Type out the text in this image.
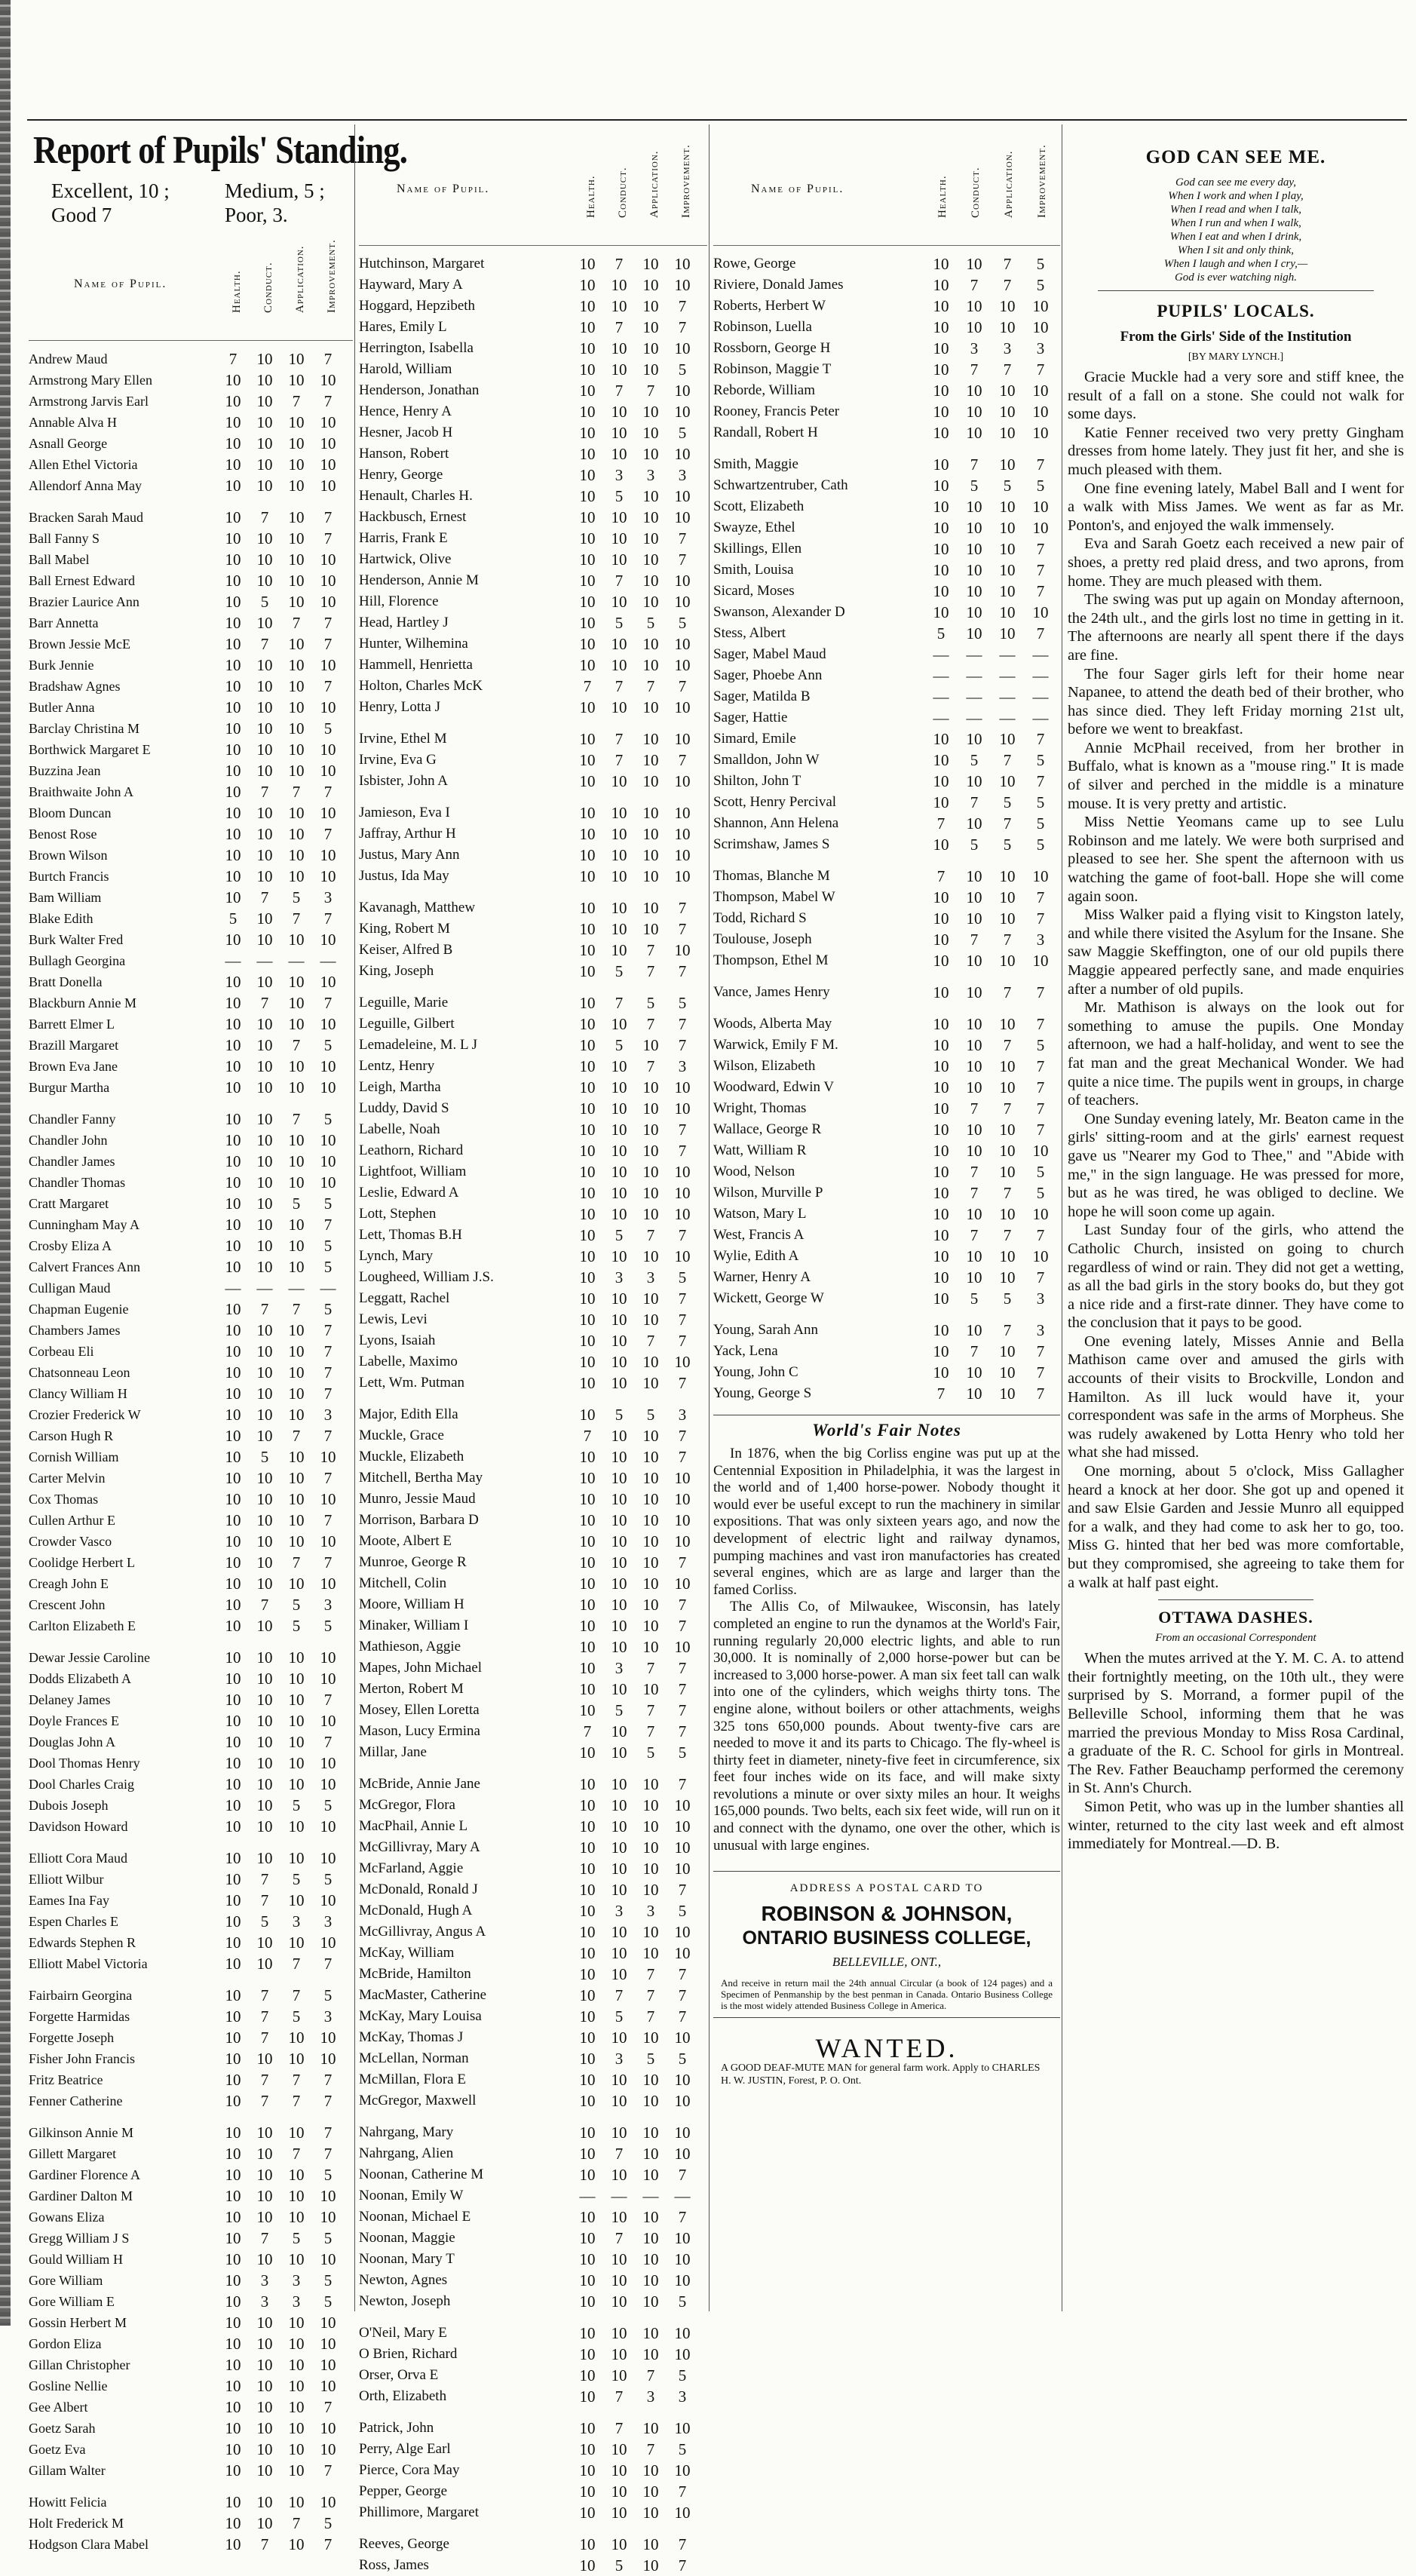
Report of Pupils' Standing.
Excellent, 10 ;	Medium, 5 ;
Good 7	Poor, 3.
Name of Pupil.	Health.	Conduct.	Application.	Improvement.
Andrew Maud	7	10	10	7
Armstrong Mary Ellen	10	10	10	10
Armstrong Jarvis Earl	10	10	7	7
Annable Alva H	10	10	10	10
Asnall George	10	10	10	10
Allen Ethel Victoria	10	10	10	10
Allendorf Anna May	10	10	10	10
Bracken Sarah Maud	10	7	10	7
Ball Fanny S	10	10	10	7
Ball Mabel	10	10	10	10
Ball Ernest Edward	10	10	10	10
Brazier Laurice Ann	10	5	10	10
Barr Annetta	10	10	7	7
Brown Jessie McE	10	7	10	7
Burk Jennie	10	10	10	10
Bradshaw Agnes	10	10	10	7
Butler Anna	10	10	10	10
Barclay Christina M	10	10	10	5
Borthwick Margaret E	10	10	10	10
Buzzina Jean	10	10	10	10
Braithwaite John A	10	7	7	7
Bloom Duncan	10	10	10	10
Benost Rose	10	10	10	7
Brown Wilson	10	10	10	10
Burtch Francis	10	10	10	10
Bam William	10	7	5	3
Blake Edith	5	10	7	7
Burk Walter Fred	10	10	10	10
Bullagh Georgina	—	—	—	—
Bratt Donella	10	10	10	10
Blackburn Annie M	10	7	10	7
Barrett Elmer L	10	10	10	10
Brazill Margaret	10	10	7	5
Brown Eva Jane	10	10	10	10
Burgur Martha	10	10	10	10
Chandler Fanny	10	10	7	5
Chandler John	10	10	10	10
Chandler James	10	10	10	10
Chandler Thomas	10	10	10	10
Cratt Margaret	10	10	5	5
Cunningham May A	10	10	10	7
Crosby Eliza A	10	10	10	5
Calvert Frances Ann	10	10	10	5
Culligan Maud	—	—	—	—
Chapman Eugenie	10	7	7	5
Chambers James	10	10	10	7
Corbeau Eli	10	10	10	7
Chatsonneau Leon	10	10	10	7
Clancy William H	10	10	10	7
Crozier Frederick W	10	10	10	3
Carson Hugh R	10	10	7	7
Cornish William	10	5	10	10
Carter Melvin	10	10	10	7
Cox Thomas	10	10	10	10
Cullen Arthur E	10	10	10	7
Crowder Vasco	10	10	10	10
Coolidge Herbert L	10	10	7	7
Creagh John E	10	10	10	10
Crescent John	10	7	5	3
Carlton Elizabeth E	10	10	5	5
Dewar Jessie Caroline	10	10	10	10
Dodds Elizabeth A	10	10	10	10
Delaney James	10	10	10	7
Doyle Frances E	10	10	10	10
Douglas John A	10	10	10	7
Dool Thomas Henry	10	10	10	10
Dool Charles Craig	10	10	10	10
Dubois Joseph	10	10	5	5
Davidson Howard	10	10	10	10
Elliott Cora Maud	10	10	10	10
Elliott Wilbur	10	7	5	5
Eames Ina Fay	10	7	10	10
Espen Charles E	10	5	3	3
Edwards Stephen R	10	10	10	10
Elliott Mabel Victoria	10	10	7	7
Fairbairn Georgina	10	7	7	5
Forgette Harmidas	10	7	5	3
Forgette Joseph	10	7	10	10
Fisher John Francis	10	10	10	10
Fritz Beatrice	10	7	7	7
Fenner Catherine	10	7	7	7
Gilkinson Annie M	10	10	10	7
Gillett Margaret	10	10	7	7
Gardiner Florence A	10	10	10	5
Gardiner Dalton M	10	10	10	10
Gowans Eliza	10	10	10	10
Gregg William J S	10	7	5	5
Gould William H	10	10	10	10
Gore William	10	3	3	5
Gore William E	10	3	3	5
Gossin Herbert M	10	10	10	10
Gordon Eliza	10	10	10	10
Gillan Christopher	10	10	10	10
Gosline Nellie	10	10	10	10
Gee Albert	10	10	10	7
Goetz Sarah	10	10	10	10
Goetz Eva	10	10	10	10
Gillam Walter	10	10	10	7
Howitt Felicia	10	10	10	10
Holt Frederick M	10	10	7	5
Hodgson Clara Mabel	10	7	10	7
Name of Pupil.	Health.	Conduct.	Application.	Improvement.
Hutchinson, Margaret	10	7	10	10
Hayward, Mary A	10	10	10	10
Hoggard, Hepzibeth	10	10	10	7
Hares, Emily L	10	7	10	7
Herrington, Isabella	10	10	10	10
Harold, William	10	10	10	5
Henderson, Jonathan	10	7	7	10
Hence, Henry A	10	10	10	10
Hesner, Jacob H	10	10	10	5
Hanson, Robert	10	10	10	10
Henry, George	10	3	3	3
Henault, Charles H.	10	5	10	10
Hackbusch, Ernest	10	10	10	10
Harris, Frank E	10	10	10	7
Hartwick, Olive	10	10	10	7
Henderson, Annie M	10	7	10	10
Hill, Florence	10	10	10	10
Head, Hartley J	10	5	5	5
Hunter, Wilhemina	10	10	10	10
Hammell, Henrietta	10	10	10	10
Holton, Charles McK	7	7	7	7
Henry, Lotta J	10	10	10	10
Irvine, Ethel M	10	7	10	10
Irvine, Eva G	10	7	10	7
Isbister, John A	10	10	10	10
Jamieson, Eva I	10	10	10	10
Jaffray, Arthur H	10	10	10	10
Justus, Mary Ann	10	10	10	10
Justus, Ida May	10	10	10	10
Kavanagh, Matthew	10	10	10	7
King, Robert M	10	10	10	7
Keiser, Alfred B	10	10	7	10
King, Joseph	10	5	7	7
Leguille, Marie	10	7	5	5
Leguille, Gilbert	10	10	7	7
Lemadeleine, M. L J	10	5	10	7
Lentz, Henry	10	10	7	3
Leigh, Martha	10	10	10	10
Luddy, David S	10	10	10	10
Labelle, Noah	10	10	10	7
Leathorn, Richard	10	10	10	7
Lightfoot, William	10	10	10	10
Leslie, Edward A	10	10	10	10
Lott, Stephen	10	10	10	10
Lett, Thomas B.H	10	5	7	7
Lynch, Mary	10	10	10	10
Lougheed, William J.S.	10	3	3	5
Leggatt, Rachel	10	10	10	7
Lewis, Levi	10	10	10	7
Lyons, Isaiah	10	10	7	7
Labelle, Maximo	10	10	10	10
Lett, Wm. Putman	10	10	10	7
Major, Edith Ella	10	5	5	3
Muckle, Grace	7	10	10	7
Muckle, Elizabeth	10	10	10	7
Mitchell, Bertha May	10	10	10	10
Munro, Jessie Maud	10	10	10	10
Morrison, Barbara D	10	10	10	10
Moote, Albert E	10	10	10	10
Munroe, George R	10	10	10	7
Mitchell, Colin	10	10	10	10
Moore, William H	10	10	10	7
Minaker, William I	10	10	10	7
Mathieson, Aggie	10	10	10	10
Mapes, John Michael	10	3	7	7
Merton, Robert M	10	10	10	7
Mosey, Ellen Loretta	10	5	7	7
Mason, Lucy Ermina	7	10	7	7
Millar, Jane	10	10	5	5
McBride, Annie Jane	10	10	10	7
McGregor, Flora	10	10	10	10
MacPhail, Annie L	10	10	10	10
McGillivray, Mary A	10	10	10	10
McFarland, Aggie	10	10	10	10
McDonald, Ronald J	10	10	10	7
McDonald, Hugh A	10	3	3	5
McGillivray, Angus A	10	10	10	10
McKay, William	10	10	10	10
McBride, Hamilton	10	10	7	7
MacMaster, Catherine	10	7	7	7
McKay, Mary Louisa	10	5	7	7
McKay, Thomas J	10	10	10	10
McLellan, Norman	10	3	5	5
McMillan, Flora E	10	10	10	10
McGregor, Maxwell	10	10	10	10
Nahrgang, Mary	10	10	10	10
Nahrgang, Alien	10	7	10	10
Noonan, Catherine M	10	10	10	7
Noonan, Emily W	—	—	—	—
Noonan, Michael E	10	10	10	7
Noonan, Maggie	10	7	10	10
Noonan, Mary T	10	10	10	10
Newton, Agnes	10	10	10	10
Newton, Joseph	10	10	10	5
O'Neil, Mary E	10	10	10	10
O Brien, Richard	10	10	10	10
Orser, Orva E	10	10	7	5
Orth, Elizabeth	10	7	3	3
Patrick, John	10	7	10	10
Perry, Alge Earl	10	10	7	5
Pierce, Cora May	10	10	10	10
Pepper, George	10	10	10	7
Phillimore, Margaret	10	10	10	10
Reeves, George	10	10	10	7
Ross, James	10	5	10	7
Name of Pupil.	Health.	Conduct.	Application.	Improvement.
Rowe, George	10	10	7	5
Riviere, Donald James	10	7	7	5
Roberts, Herbert W	10	10	10	10
Robinson, Luella	10	10	10	10
Rossborn, George H	10	3	3	3
Robinson, Maggie T	10	7	7	7
Reborde, William	10	10	10	10
Rooney, Francis Peter	10	10	10	10
Randall, Robert H	10	10	10	10
Smith, Maggie	10	7	10	7
Schwartzentruber, Cath	10	5	5	5
Scott, Elizabeth	10	10	10	10
Swayze, Ethel	10	10	10	10
Skillings, Ellen	10	10	10	7
Smith, Louisa	10	10	10	7
Sicard, Moses	10	10	10	7
Swanson, Alexander D	10	10	10	10
Stess, Albert	5	10	10	7
Sager, Mabel Maud	—	—	—	—
Sager, Phoebe Ann	—	—	—	—
Sager, Matilda B	—	—	—	—
Sager, Hattie	—	—	—	—
Simard, Emile	10	10	10	7
Smalldon, John W	10	5	7	5
Shilton, John T	10	10	10	7
Scott, Henry Percival	10	7	5	5
Shannon, Ann Helena	7	10	7	5
Scrimshaw, James S	10	5	5	5
Thomas, Blanche M	7	10	10	10
Thompson, Mabel W	10	10	10	7
Todd, Richard S	10	10	10	7
Toulouse, Joseph	10	7	7	3
Thompson, Ethel M	10	10	10	10
Vance, James Henry	10	10	7	7
Woods, Alberta May	10	10	10	7
Warwick, Emily F M.	10	10	7	5
Wilson, Elizabeth	10	10	10	7
Woodward, Edwin V	10	10	10	7
Wright, Thomas	10	7	7	7
Wallace, George R	10	10	10	7
Watt, William R	10	10	10	10
Wood, Nelson	10	7	10	5
Wilson, Murville P	10	7	7	5
Watson, Mary L	10	10	10	10
West, Francis A	10	7	7	7
Wylie, Edith A	10	10	10	10
Warner, Henry A	10	10	10	7
Wickett, George W	10	5	5	3
Young, Sarah Ann	10	10	7	3
Yack, Lena	10	7	10	7
Young, John C	10	10	10	7
Young, George S	7	10	10	7
World's Fair Notes

In 1876, when the big Corliss engine was put up at the Centennial Exposition in Philadelphia, it was the largest in the world and of 1,400 horse-power. Nobody thought it would ever be useful except to run the machinery in similar expositions. That was only sixteen years ago, and now the development of electric light and railway dynamos, pumping machines and vast iron manufactories has created several engines, which are as large and larger than the famed Corliss.

The Allis Co, of Milwaukee, Wisconsin, has lately completed an engine to run the dynamos at the World's Fair, running regularly 20,000 electric lights, and able to run 30,000. It is nominally of 2,000 horse-power but can be increased to 3,000 horse-power. A man six feet tall can walk into one of the cylinders, which weighs thirty tons. The engine alone, without boilers or other attachments, weighs 325 tons 650,000 pounds. About twenty-five cars are needed to move it and its parts to Chicago. The fly-wheel is thirty feet in diameter, ninety-five feet in circumference, six feet four inches wide on its face, and will make sixty revolutions a minute or over sixty miles an hour. It weighs 165,000 pounds. Two belts, each six feet wide, will run on it and connect with the dynamo, one over the other, which is unusual with large engines.

ADDRESS A POSTAL CARD TO
ROBINSON & JOHNSON,
ONTARIO BUSINESS COLLEGE,
BELLEVILLE, ONT.,
And receive in return mail the 24th annual Circular (a book of 124 pages) and a Specimen of Penmanship by the best penman in Canada. Ontario Business College is the most widely attended Business College in America.
WANTED.
A GOOD DEAF-MUTE MAN for general farm work. Apply to CHARLES H. W. JUSTIN, Forest, P. O. Ont.
GOD CAN SEE ME.
God can see me every day,
When I work and when I play,
When I read and when I talk,
When I run and when I walk,
When I eat and when I drink,
When I sit and only think,
When I laugh and when I cry,—
God is ever watching nigh.
PUPILS' LOCALS.
From the Girls' Side of the Institution
[BY MARY LYNCH.]

Gracie Muckle had a very sore and stiff knee, the result of a fall on a stone. She could not walk for some days.

Katie Fenner received two very pretty Gingham dresses from home lately. They just fit her, and she is much pleased with them.

One fine evening lately, Mabel Ball and I went for a walk with Miss James. We went as far as Mr. Ponton's, and enjoyed the walk immensely.

Eva and Sarah Goetz each received a new pair of shoes, a pretty red plaid dress, and two aprons, from home. They are much pleased with them.

The swing was put up again on Monday afternoon, the 24th ult., and the girls lost no time in getting in it. The afternoons are nearly all spent there if the days are fine.

The four Sager girls left for their home near Napanee, to attend the death bed of their brother, who has since died. They left Friday morning 21st ult, before we went to breakfast.

Annie McPhail received, from her brother in Buffalo, what is known as a "mouse ring." It is made of silver and perched in the middle is a minature mouse. It is very pretty and artistic.

Miss Nettie Yeomans came up to see Lulu Robinson and me lately. We were both surprised and pleased to see her. She spent the afternoon with us watching the game of foot-ball. Hope she will come again soon.

Miss Walker paid a flying visit to Kingston lately, and while there visited the Asylum for the Insane. She saw Maggie Skeffington, one of our old pupils there Maggie appeared perfectly sane, and made enquiries after a number of old pupils.

Mr. Mathison is always on the look out for something to amuse the pupils. One Monday afternoon, we had a half-holiday, and went to see the fat man and the great Mechanical Wonder. We had quite a nice time. The pupils went in groups, in charge of teachers.

One Sunday evening lately, Mr. Beaton came in the girls' sitting-room and at the girls' earnest request gave us "Nearer my God to Thee," and "Abide with me," in the sign language. He was pressed for more, but as he was tired, he was obliged to decline. We hope he will soon come up again.

Last Sunday four of the girls, who attend the Catholic Church, insisted on going to church regardless of wind or rain. They did not get a wetting, as all the bad girls in the story books do, but they got a nice ride and a first-rate dinner. They have come to the conclusion that it pays to be good.

One evening lately, Misses Annie and Bella Mathison came over and amused the girls with accounts of their visits to Brockville, London and Hamilton. As ill luck would have it, your correspondent was safe in the arms of Morpheus. She was rudely awakened by Lotta Henry who told her what she had missed.

One morning, about 5 o'clock, Miss Gallagher heard a knock at her door. She got up and opened it and saw Elsie Garden and Jessie Munro all equipped for a walk, and they had come to ask her to go, too. Miss G. hinted that her bed was more comfortable, but they compromised, she agreeing to take them for a walk at half past eight.

OTTAWA DASHES.
From an occasional Correspondent

When the mutes arrived at the Y. M. C. A. to attend their fortnightly meeting, on the 10th ult., they were surprised by S. Morrand, a former pupil of the Belleville School, informing them that he was married the previous Monday to Miss Rosa Cardinal, a graduate of the R. C. School for girls in Montreal. The Rev. Father Beauchamp performed the ceremony in St. Ann's Church.

Simon Petit, who was up in the lumber shanties all winter, returned to the city last week and eft almost immediately for Montreal.—D. B.
